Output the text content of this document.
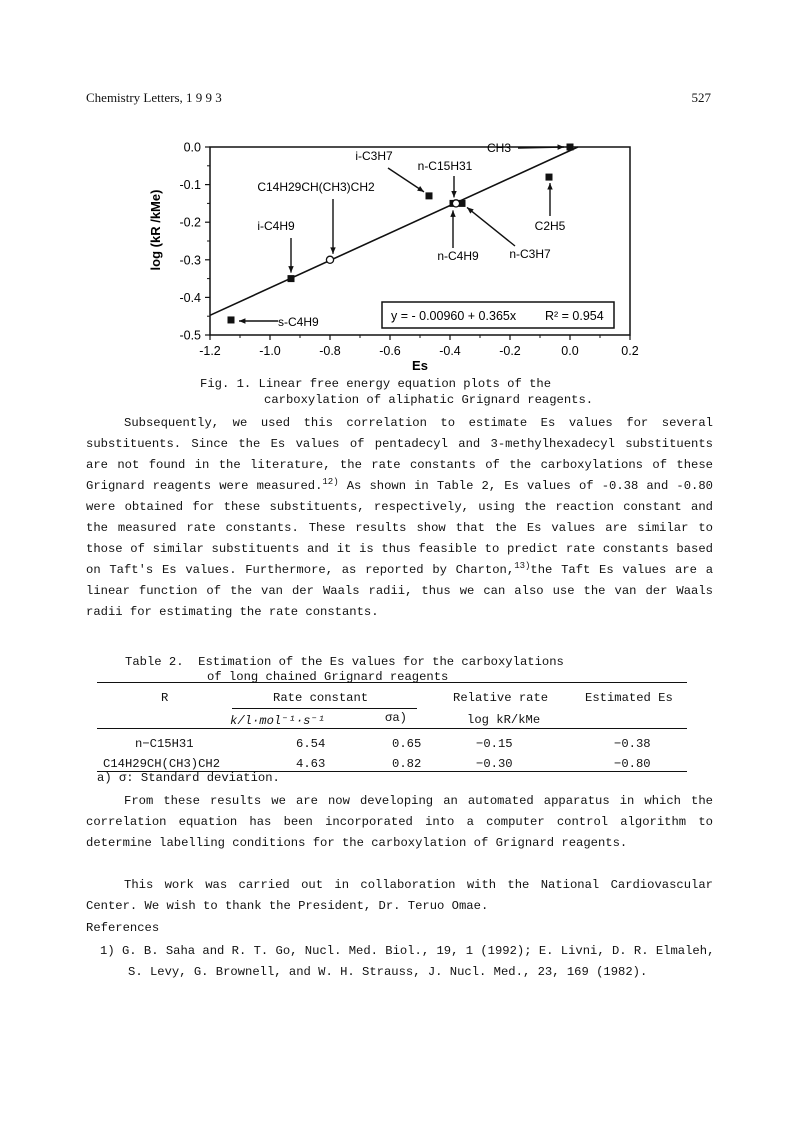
Chemistry Letters, 1 9 9 3	527
-1.2	-1.0	-0.8	-0.6	-0.4	-0.2	0.0	0.2
0.0
-0.1
-0.2
-0.3
-0.4
-0.5
CH3
C2H5
n-C3H7
n-C4H9
i-C3H7
i-C4H9
s-C4H9
n-C15H31
C14H29CH(CH3)CH2
Es
log (kR /kMe)
y = - 0.00960 + 0.365x R² = 0.954
Fig. 1. Linear free energy equation plots of the
carboxylation of aliphatic Grignard reagents.

Subsequently, we used this correlation to estimate Es values for several substituents. Since the Es values of pentadecyl and 3-methylhexadecyl substituents are not found in the literature, the rate constants of the carboxylations of these Grignard reagents were measured.$^{12)}$ As shown in Table 2, Es values of -0.38 and -0.80 were obtained for these substituents, respectively, using the reaction constant and the measured rate constants. These results show that the Es values are similar to those of similar substituents and it is thus feasible to predict rate constants based on Taft's Es values. Furthermore, as reported by Charton,$^{13)}$the Taft Es values are a linear function of the van der Waals radii, thus we can also use the van der Waals radii for estimating the rate constants.

Table 2.  Estimation of the Es values for the carboxylations
of long chained Grignard reagents
R	Rate constant	Relative rate	Estimated Es
k/l·mol⁻¹·s⁻¹	σa)	log kR/kMe
n−C15H31	6.54	0.65	−0.15	−0.38
C14H29CH(CH3)CH2	4.63	0.82	−0.30	−0.80
a) σ: Standard deviation.

From these results we are now developing an automated apparatus in which the correlation equation has been incorporated into a computer control algorithm to determine labelling conditions for the carboxylation of Grignard reagents.

This work was carried out in collaboration with the National Cardiovascular Center. We wish to thank the President, Dr. Teruo Omae.

References
1) G. B. Saha and R. T. Go, Nucl. Med. Biol., 19, 1 (1992); E. Livni, D. R. Elmaleh,
S. Levy, G. Brownell, and W. H. Strauss, J. Nucl. Med., 23, 169 (1982).
